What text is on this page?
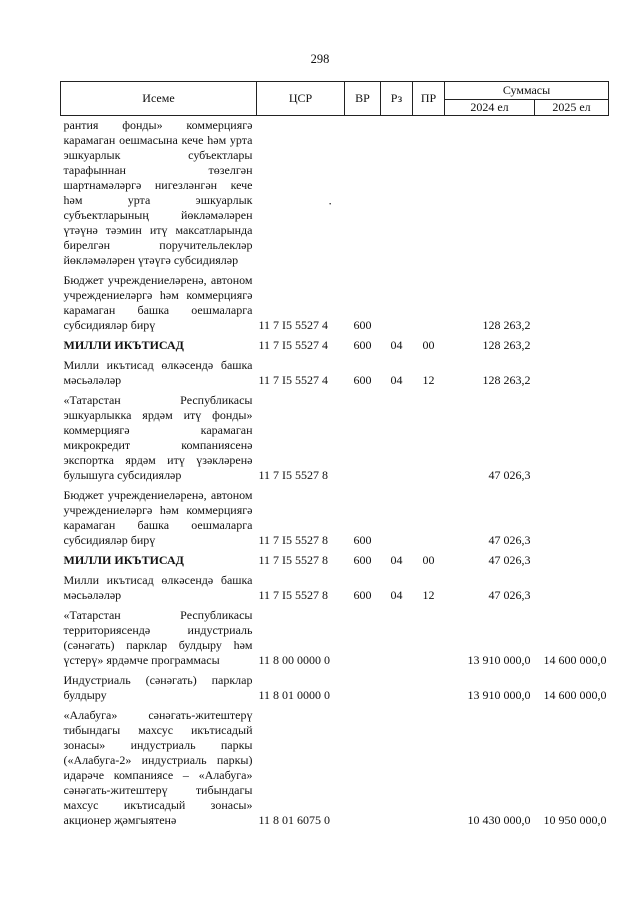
298
Исеме	ЦСР	ВР	Рз	ПР	Суммасы	
					2024 ел	2025 ел
рантия фонды» коммерциягә карамаган оешмасына кече һәм урта эшкуарлык субъектлары тарафыннан төзелгән шартнамәләргә нигезләнгән кече һәм урта эшкуарлык субъектларының йөкләмәләрен үтәүнә тәэмин итү максатларында бирелгән поручительлекләр йөкләмәләрен үтәүгә субсидияләр						
Бюджет учреждениеләренә, автоном учреждениеләргә һәм коммерциягә карамаган башка оешмаларга субсидияләр бирү	11 7 I5 5527 4	600			128 263,2	
МИЛЛИ ИКЪТИСАД	11 7 I5 5527 4	600	04	00	128 263,2	
Милли икътисад өлкәсендә башка мәсьәләләр	11 7 I5 5527 4	600	04	12	128 263,2	
«Татарстан Республикасы эшкуарлыкка ярдәм итү фонды» коммерциягә карамаган микрокредит компаниясенә экспортка ярдәм итү үзәкләренә булышуга субсидияләр	11 7 I5 5527 8				47 026,3	
Бюджет учреждениеләренә, автоном учреждениеләргә һәм коммерциягә карамаган башка оешмаларга субсидияләр бирү	11 7 I5 5527 8	600			47 026,3	
МИЛЛИ ИКЪТИСАД	11 7 I5 5527 8	600	04	00	47 026,3	
Милли икътисад өлкәсендә башка мәсьәләләр	11 7 I5 5527 8	600	04	12	47 026,3	
«Татарстан Республикасы территориясендә индустриаль (сәнәгать) парклар булдыру һәм үстерү» ярдәмче программасы	11 8 00 0000 0				13 910 000,0	14 600 000,0
Индустриаль (сәнәгать) парклар булдыру	11 8 01 0000 0				13 910 000,0	14 600 000,0
«Алабуга» сәнәгать-житештерү тибындагы махсус икътисадый зонасы» индустриаль паркы («Алабуга-2» индустриаль паркы) идарәче компаниясе – «Алабуга» сәнәгать-житештерү тибындагы махсус икътисадый зонасы» акционер җәмгыятенә	11 8 01 6075 0				10 430 000,0	10 950 000,0
·
